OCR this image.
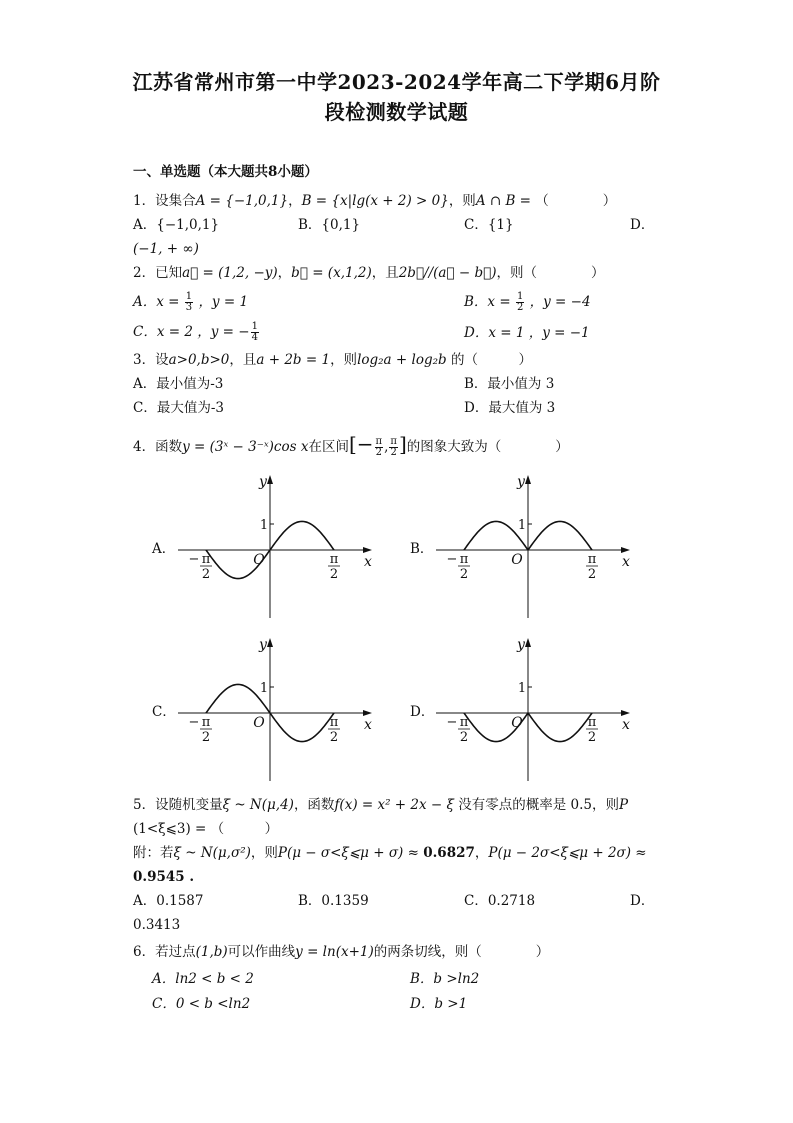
江苏省常州市第一中学2023-2024学年高二下学期6月阶
段检测数学试题
一、单选题（本大题共8小题）
1．设集合A = {−1,0,1}，B = {x|lg(x + 2) > 0}，则A ∩ B = （　　　　）
A．{−1,0,1}	B．{0,1}	C．{1}	D．
(−1, + ∞)
2．已知a⃗ = (1,2, −y)，b⃗ = (x,1,2)，且2b⃗//(a⃗ − b⃗)，则（　　　　）
A．$x = \frac{1}{3}$ ，y = 1	B．$x = \frac{1}{2}$ ，y = −4
C．x = 2 ，y = − $\frac{1}{4}$	D．x = 1 ，y = −1
3．设a>0,b>0，且a + 2b = 1，则log₂a + log₂b 的（　　　）
A．最小值为-3	B．最小值为 3
C．最大值为-3	D．最大值为 3
4．函数y = (3ˣ − 3⁻ˣ)cos x在区间[− $\frac{\pi}{2}$ , $\frac{\pi}{2}$ ]的图象大致为（　　　　）
A．	B．
C．	D．
y
x
O
1
− π
2
π
2
y
x
O
1
− π
2
π
2
y
x
O
1
− π
2
π
2
y
x
O
1
− π
2
π
2
5．设随机变量ξ ~ N(μ,4)，函数f(x) = x² + 2x − ξ 没有零点的概率是 0.5，则P
(1<ξ⩽3) = （　　　）
附：若ξ ~ N(μ,σ²)，则P(μ − σ<ξ⩽μ + σ) ≈ 0.6827，P(μ − 2σ<ξ⩽μ + 2σ) ≈
0.9545 .
A．0.1587	B．0.1359	C．0.2718	D．
0.3413
6．若过点(1,b)可以作曲线y = ln(x+1)的两条切线，则（　　　　）
A．ln2 < b < 2	B．b >ln2
C．0 < b <ln2	D．b >1
